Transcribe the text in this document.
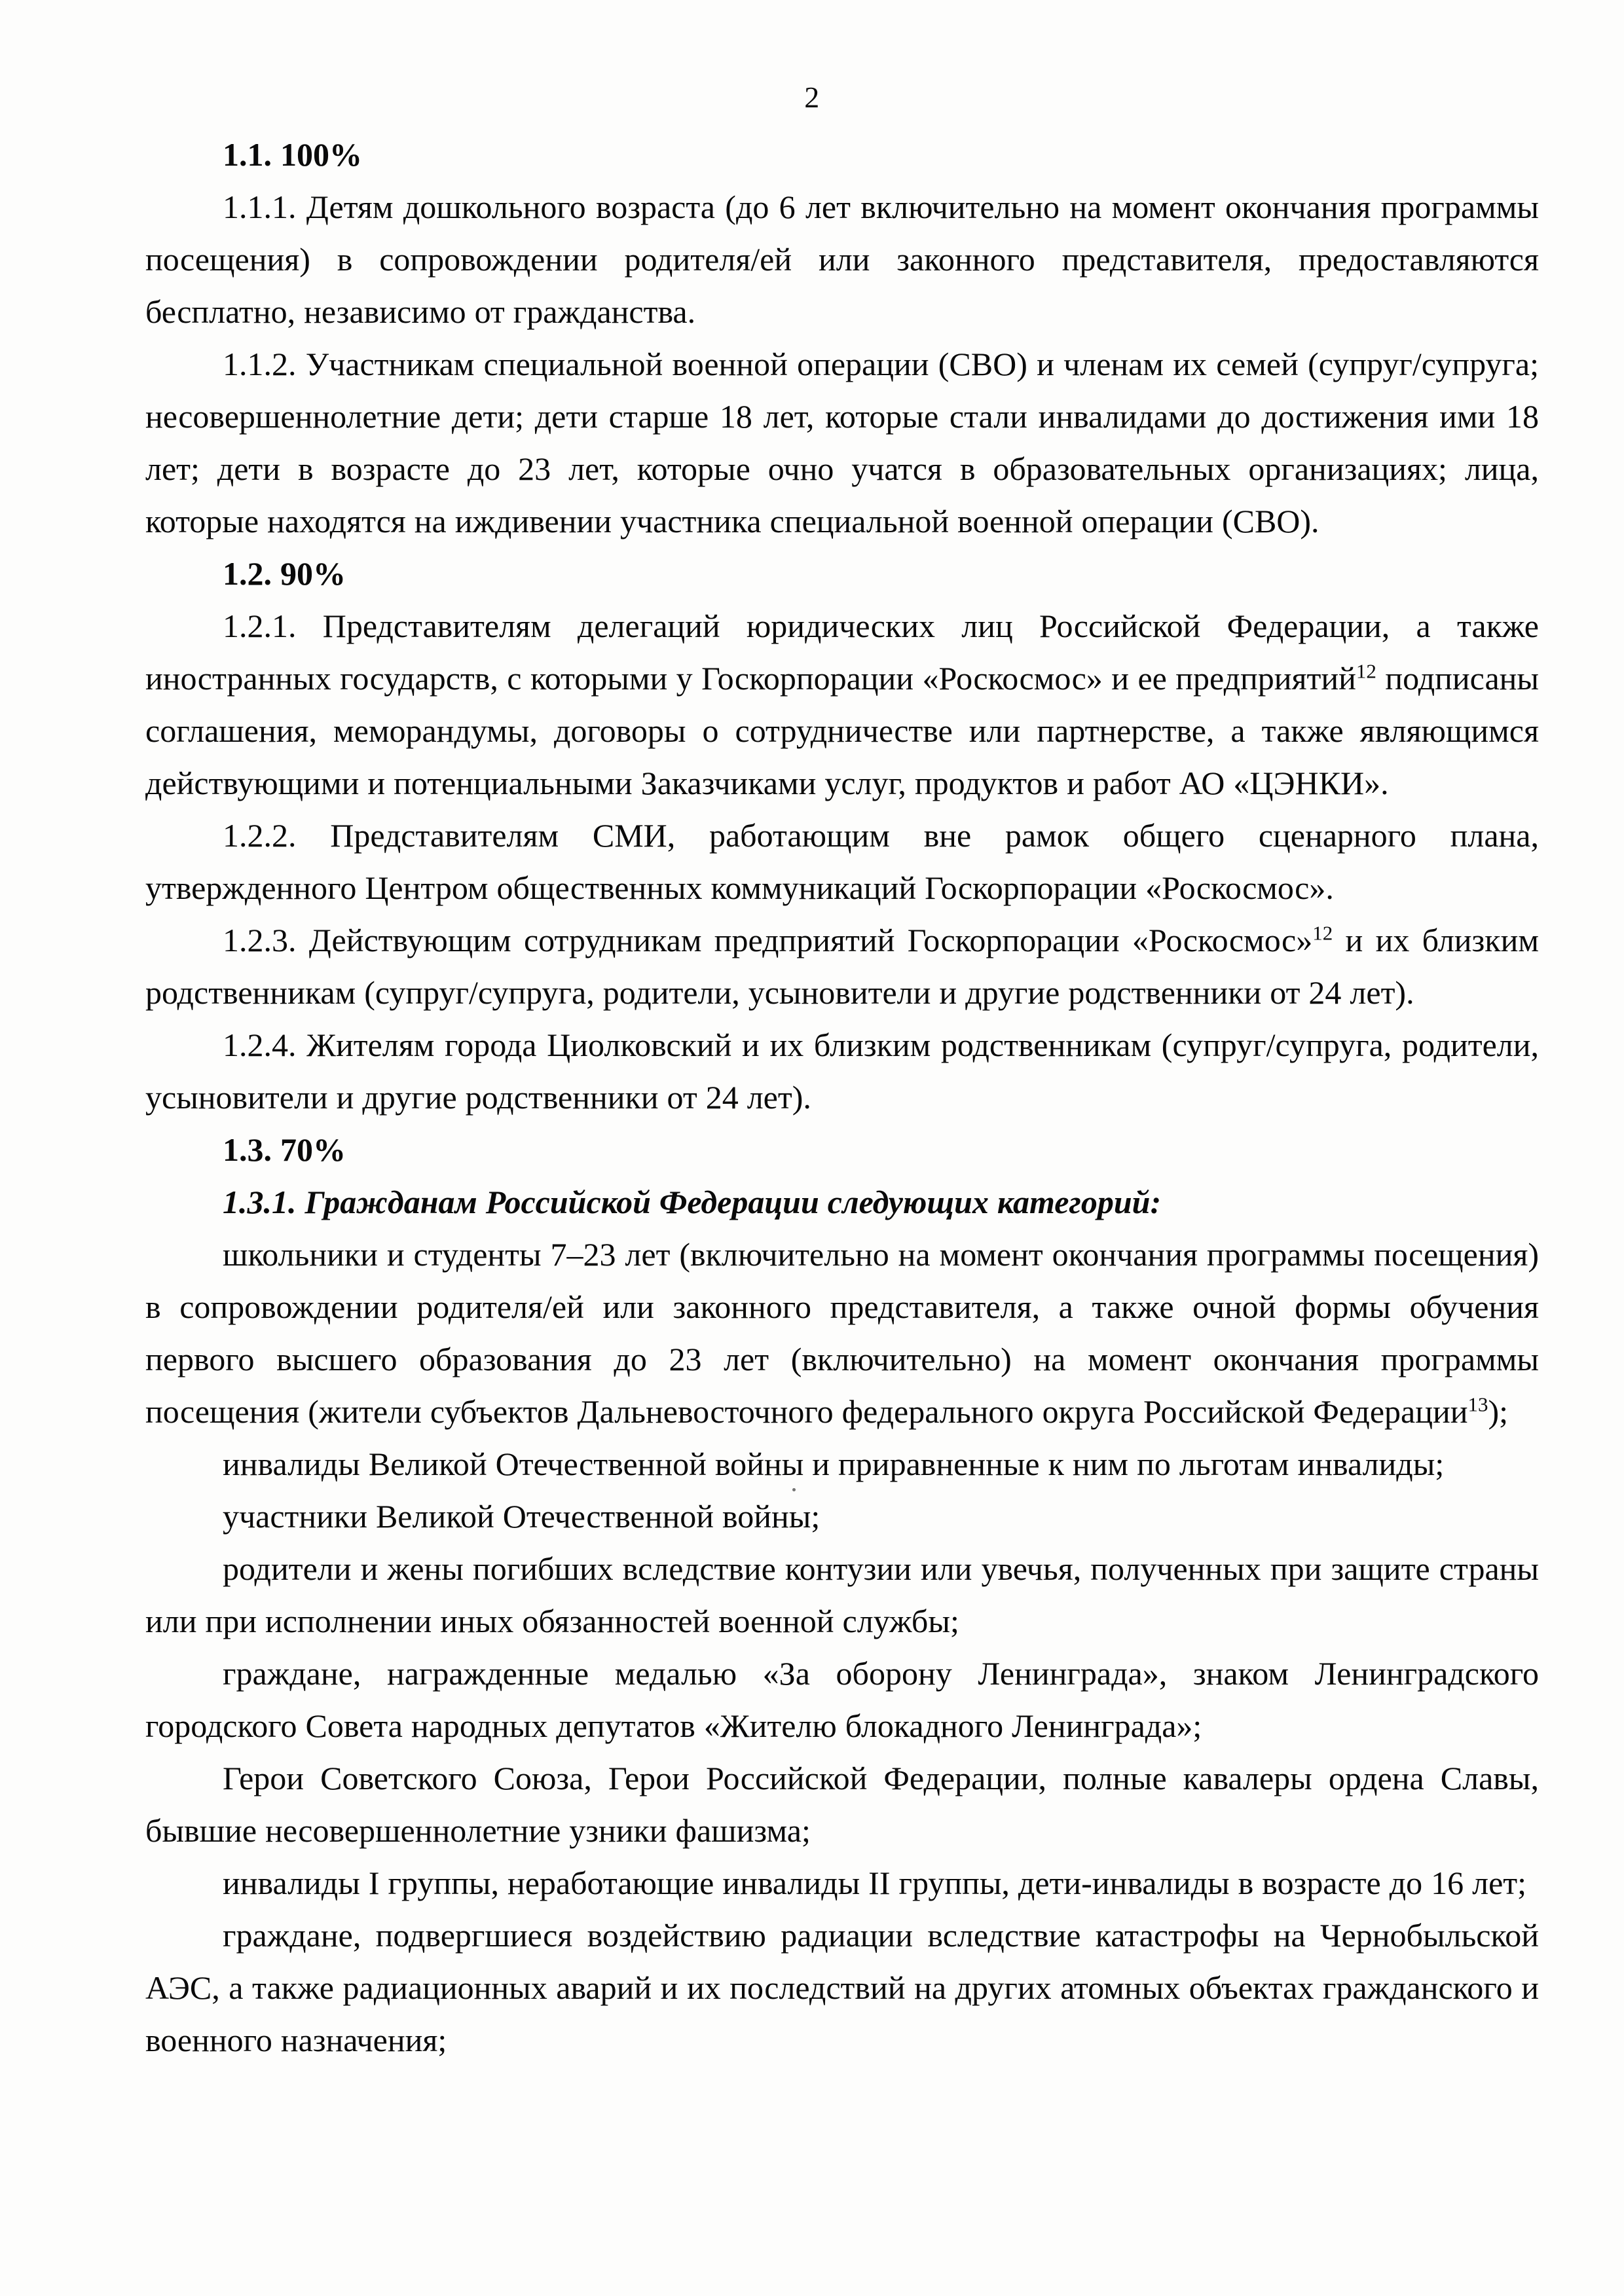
2

1.1. 100%

1.1.1. Детям дошкольного возраста (до 6 лет включительно на момент окончания программы посещения) в сопровождении родителя/ей или законного представителя, предоставляются бесплатно, независимо от гражданства.

1.1.2. Участникам специальной военной операции (СВО) и членам их семей (супруг/супруга; несовершеннолетние дети; дети старше 18 лет, которые стали инвалидами до достижения ими 18 лет; дети в возрасте до 23 лет, которые очно учатся в образовательных организациях; лица, которые находятся на иждивении участника специальной военной операции (СВО).

1.2. 90%

1.2.1. Представителям делегаций юридических лиц Российской Федерации, а также иностранных государств, с которыми у Госкорпорации «Роскосмос» и ее предприятий$^{12}$ подписаны соглашения, меморандумы, договоры о сотрудничестве или партнерстве, а также являющимся действующими и потенциальными Заказчиками услуг, продуктов и работ АО «ЦЭНКИ».

1.2.2. Представителям СМИ, работающим вне рамок общего сценарного плана, утвержденного Центром общественных коммуникаций Госкорпорации «Роскосмос».

1.2.3. Действующим сотрудникам предприятий Госкорпорации «Роскосмос»$^{12}$ и их близким родственникам (супруг/супруга, родители, усыновители и другие родственники от 24 лет).

1.2.4. Жителям города Циолковский и их близким родственникам (супруг/супруга, родители, усыновители и другие родственники от 24 лет).

1.3. 70%

1.3.1. Гражданам Российской Федерации следующих категорий:

школьники и студенты 7–23 лет (включительно на момент окончания программы посещения) в сопровождении родителя/ей или законного представителя, а также очной формы обучения первого высшего образования до 23 лет (включительно) на момент окончания программы посещения (жители субъектов Дальневосточного федерального округа Российской Федерации$^{13}$);

инвалиды Великой Отечественной войны и приравненные к ним по льготам инвалиды;

участники Великой Отечественной войны;

родители и жены погибших вследствие контузии или увечья, полученных при защите страны или при исполнении иных обязанностей военной службы;

граждане, награжденные медалью «За оборону Ленинграда», знаком Ленинградского городского Совета народных депутатов «Жителю блокадного Ленинграда»;

Герои Советского Союза, Герои Российской Федерации, полные кавалеры ордена Славы, бывшие несовершеннолетние узники фашизма;

инвалиды I группы, неработающие инвалиды II группы, дети-инвалиды в возрасте до 16 лет;

граждане, подвергшиеся воздействию радиации вследствие катастрофы на Чернобыльской АЭС, а также радиационных аварий и их последствий на других атомных объектах гражданского и военного назначения;
